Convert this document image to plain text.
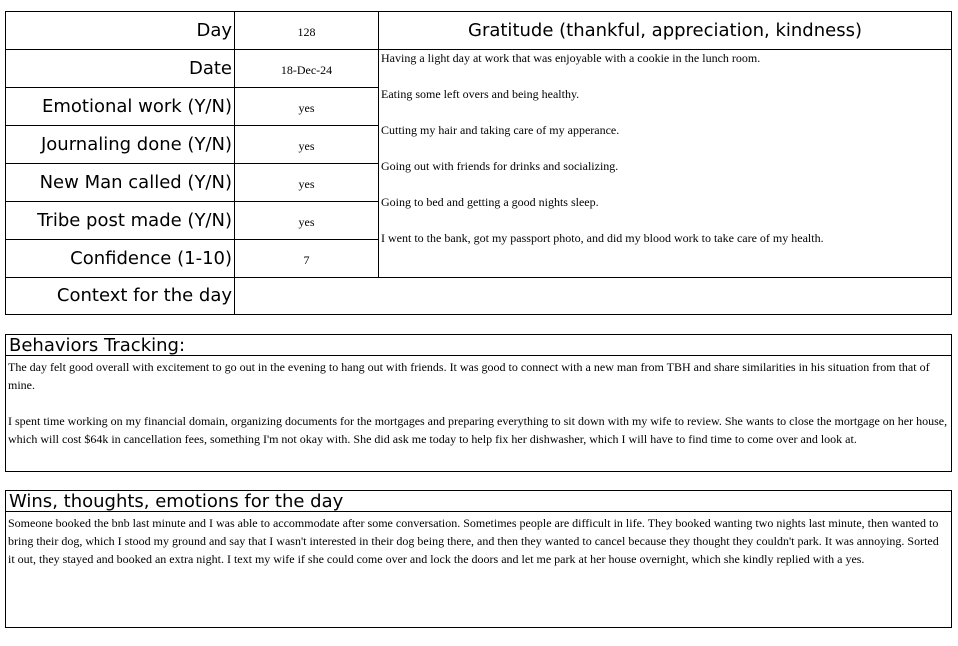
Day	128
Date	18-Dec-24
Emotional work (Y/N)	yes
Journaling done (Y/N)	yes
New Man called (Y/N)	yes
Tribe post made (Y/N)	yes
Confidence (1-10)	7
Context for the day
Gratitude (thankful, appreciation, kindness)
Having a light day at work that was enjoyable with a cookie in the lunch room.
Eating some left overs and being healthy.
Cutting my hair and taking care of my apperance.
Going out with friends for drinks and socializing.
Going to bed and getting a good nights sleep.
I went to the bank, got my passport photo, and did my blood work to take care of my health.
Behaviors Tracking:

The day felt good overall with excitement to go out in the evening to hang out with friends. It was good to connect with a new man from TBH and share similarities in his situation from that of mine.

I spent time working on my financial domain, organizing documents for the mortgages and preparing everything to sit down with my wife to review. She wants to close the mortgage on her house, which will cost $64k in cancellation fees, something I'm not okay with. She did ask me today to help fix her dishwasher, which I will have to find time to come over and look at.

Wins, thoughts, emotions for the day
Someone booked the bnb last minute and I was able to accommodate after some conversation. Sometimes people are difficult in life. They booked wanting two nights last minute, then wanted to bring their dog, which I stood my ground and say that I wasn't interested in their dog being there, and then they wanted to cancel because they thought they couldn't park. It was annoying. Sorted it out, they stayed and booked an extra night. I text my wife if she could come over and lock the doors and let me park at her house overnight, which she kindly replied with a yes.
